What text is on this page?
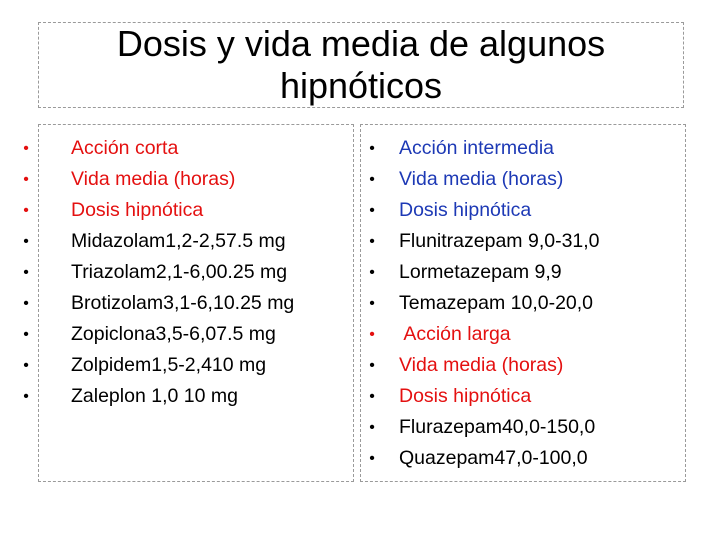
Dosis y vida media de algunos hipnóticos
• Acción corta
• Vida media (horas)
• Dosis hipnótica
• Midazolam1,2-2,57.5 mg
• Triazolam2,1-6,00.25 mg
• Brotizolam3,1-6,10.25 mg
• Zopiclona3,5-6,07.5 mg
• Zolpidem1,5-2,410 mg
• Zaleplon 1,0 10 mg
• Acción intermedia
• Vida media (horas)
• Dosis hipnótica
• Flunitrazepam 9,0-31,0
• Lormetazepam 9,9
• Temazepam 10,0-20,0
• Acción larga
• Vida media (horas)
• Dosis hipnótica
• Flurazepam40,0-150,0
• Quazepam47,0-100,0
